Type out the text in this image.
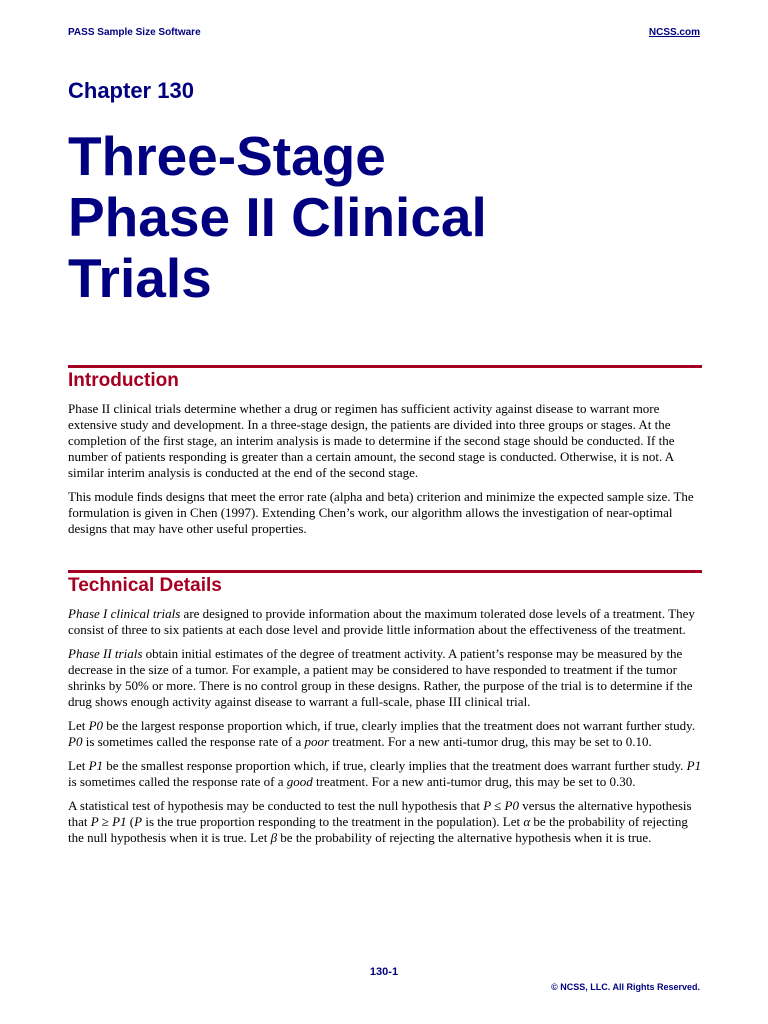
PASS Sample Size Software	NCSS.com
Chapter 130
Three-Stage
Phase II Clinical
Trials
Introduction

Phase II clinical trials determine whether a drug or regimen has sufficient activity against disease to warrant more extensive study and development. In a three-stage design, the patients are divided into three groups or stages. At the completion of the first stage, an interim analysis is made to determine if the second stage should be conducted. If the number of patients responding is greater than a certain amount, the second stage is conducted. Otherwise, it is not. A similar interim analysis is conducted at the end of the second stage.

This module finds designs that meet the error rate (alpha and beta) criterion and minimize the expected sample size. The formulation is given in Chen (1997). Extending Chen’s work, our algorithm allows the investigation of near-optimal designs that may have other useful properties.

Technical Details

Phase I clinical trials are designed to provide information about the maximum tolerated dose levels of a treatment. They consist of three to six patients at each dose level and provide little information about the effectiveness of the treatment.

Phase II trials obtain initial estimates of the degree of treatment activity. A patient’s response may be measured by the decrease in the size of a tumor. For example, a patient may be considered to have responded to treatment if the tumor shrinks by 50% or more. There is no control group in these designs. Rather, the purpose of the trial is to determine if the drug shows enough activity against disease to warrant a full-scale, phase III clinical trial.

Let P0 be the largest response proportion which, if true, clearly implies that the treatment does not warrant further study. P0 is sometimes called the response rate of a poor treatment. For a new anti-tumor drug, this may be set to 0.10.

Let P1 be the smallest response proportion which, if true, clearly implies that the treatment does warrant further study. P1 is sometimes called the response rate of a good treatment. For a new anti-tumor drug, this may be set to 0.30.

A statistical test of hypothesis may be conducted to test the null hypothesis that P ≤ P0 versus the alternative hypothesis that P ≥ P1 (P is the true proportion responding to the treatment in the population). Let α be the probability of rejecting the null hypothesis when it is true. Let β be the probability of rejecting the alternative hypothesis when it is true.

130-1
© NCSS, LLC. All Rights Reserved.
